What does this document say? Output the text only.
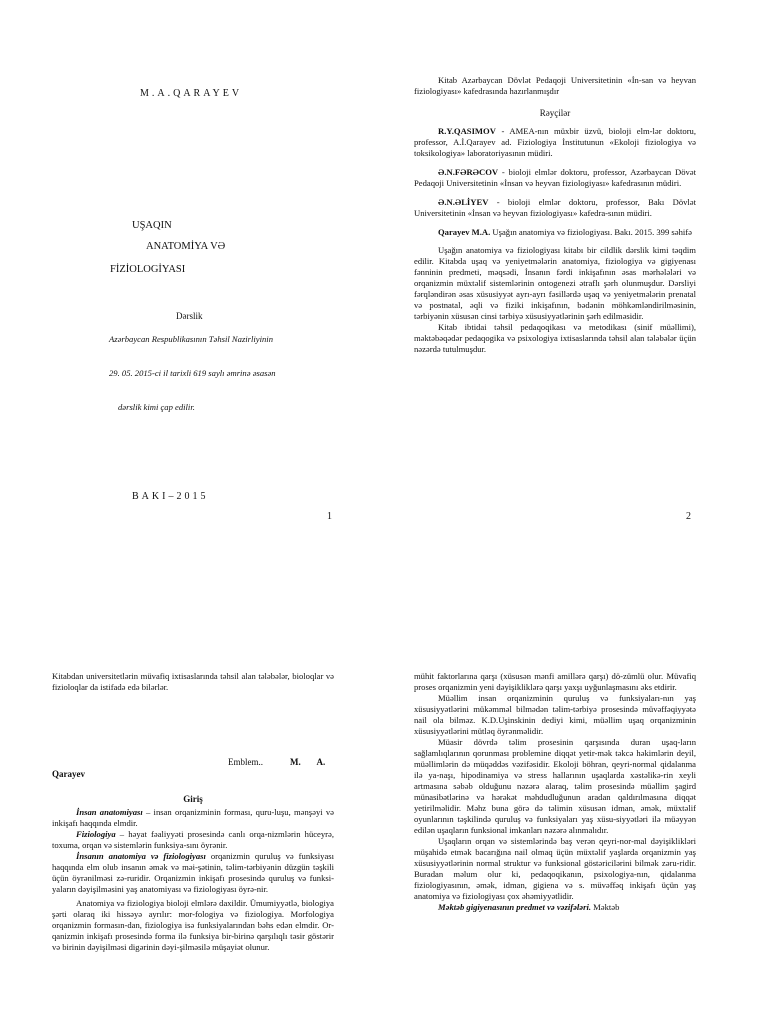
M.A.QARAYEV
UŞAQIN
ANATOMİYA VƏ
FİZİOLOGİYASI
Dərslik
Azərbaycan Respublikasının Təhsil Nazirliyinin
29. 05. 2015-ci il tarixli 619 saylı əmrinə əsasən
dərslik kimi çap edilir.
BAKI–2015
1

Kitab Azərbaycan Dövlət Pedaqoji Universitetinin «İn-san və heyvan fiziologiyası» kafedrasında hazırlanmışdır

Rəyçilər

R.Y.QASIMOV - AMEA-nın müxbir üzvü, bioloji elm-lər doktoru, professor, A.İ.Qarayev ad. Fiziologiya İnstitutunun «Ekoloji fiziologiya və toksikologiya» laboratoriyasının müdiri.

Ə.N.FƏRƏCOV - bioloji elmlər doktoru, professor, Azərbaycan Dövət Pedaqoji Universitetinin «İnsan və heyvan fiziologiyası» kafedrasının müdiri.

Ə.N.ƏLİYEV - bioloji elmlər doktoru, professor, Bakı Dövlət Universitetinin «İnsan və heyvan fiziologiyası» kafedra-sının müdiri.

Qarayev M.A. Uşağın anatomiya və fiziologiyası. Bakı. 2015. 399 səhifə

Uşağın anatomiya və fiziologiyası kitabı bir cildlik dərslik kimi təqdim edilir. Kitabda uşaq və yeniyetmələrin anatomiya, fiziologiya və gigiyenası fənninin predmeti, məqsədi, İnsanın fərdi inkişafının əsas mərhələləri və orqanizmin müxtəlif sistemlərinin ontogenezi ətraflı şərh olunmuşdur. Dərsliyi fərqləndirən əsas xüsusiyyət ayrı-ayrı fəsillərdə uşaq və yeniyetmələrin prenatal və postnatal, əqli və fiziki inkişafının, bədənin möhkəmləndirilməsinin, tərbiyənin xüsusən cinsi tərbiyə xüsusiyyətlərinin şərh edilməsidir.

Kitab ibtidai təhsil pedaqoqikası və metodikası (sinif müəllimi), məktəbəqədər pedaqogika və psixologiya ixtisaslarında təhsil alan tələbələr üçün nəzərdə tutulmuşdur.

2
Kitabdan universitetlərin müvafiq ixtisaslarında təhsil alan tələbələr, bioloqlar və fizioloqlar da istifadə edə bilərlər.
Emblem..	M. A.
Qarayev

Giriş

İnsan anatomiyası – insan orqanizminin forması, quru-luşu, mənşəyi və inkişafı haqqında elmdir.

Fiziologiya – həyat fəaliyyəti prosesində canlı orqa-nizmlərin hüceyrə, toxuma, orqan və sistemlərin funksiya-sını öyrənir.

İnsanın anatomiya və fiziologiyası orqanizmin quruluş və funksiyası haqqında elm olub insanın əmək və məi-şətinin, təlim-tərbiyənin düzgün təşkili üçün öyrənilməsi zə-ruridir. Orqanizmin inkişafı prosesində quruluş və funksi-yaların dəyişilməsini yaş anatomiyası və fiziologiyası öyrə-nir.

Anatomiya və fiziologiya bioloji elmlərə daxildir. Ümumiyyətlə, biologiya şərti olaraq iki hissəyə ayrılır: mor-fologiya və fiziologiya. Morfologiya orqanizmin formasın-dan, fiziologiya isə funksiyalarından bəhs edən elmdir. Or-qanizmin inkişafı prosesində forma ilə funksiya bir-birinə qarşılıqlı təsir göstərir və birinin dəyişilməsi digərinin dəyi-şilməsilə müşayiət olunur.

mühit faktorlarına qarşı (xüsusən mənfi amillərə qarşı) dö-zümlü olur. Müvafiq proses orqanizmin yeni dəyişikliklərə qarşı yaxşı uyğunlaşmasını əks etdirir.

Müəllim insan orqanizminin quruluş və funksiyaları-nın yaş xüsusiyyətlərini mükəmməl bilmədən təlim-tərbiyə prosesində müvəffəqiyyətə nail ola bilməz. K.D.Uşinskinin dediyi kimi, müəllim uşaq orqanizminin xüsusiyyətlərini mütləq öyrənməlidir.

Müasir dövrdə təlim prosesinin qarşısında duran uşaq-ların sağlamlıqlarının qorunması problemine diqqət yetir-mək təkcə həkimlərin deyil, müəllimlərin də müqəddəs vəzifəsidir. Ekoloji böhran, qeyri-normal qidalanma ilə ya-naşı, hipodinamiya və stress hallarının uşaqlarda xəstəlikə-rin xeyli artmasına səbəb olduğunu nəzərə alaraq, təlim prosesində müəllim şagird münasibətlərinə və hərəkət məhdudluğunun aradan qaldırılmasına diqqət yetirilməlidir. Məhz buna görə də təlimin xüsusən idman, əmək, müxtəlif oyunlarının təşkilində quruluş və funksiyaları yaş xüsu-siyyətləri ilə müəyyən edilən uşaqların funksional imkanları nəzərə alınmalıdır.

Uşaqların orqan və sistemlərində baş verən qeyri-nor-mal dəyişiklikləri müşahidə etmək bacarığına nail olmaq üçün müxtəlif yaşlarda orqanizmin yaş xüsusiyyətlərinin normal struktur və funksional göstəricilərini bilmək zəru-ridir. Buradan məlum olur ki, pedaqoqikanın, psixologiya-nın, qidalanma fiziologiyasının, əmək, idman, gigiena və s. müvəffəq inkişafı üçün yaş anatomiya və fiziologiyası çox əhəmiyyətlidir.

Məktəb gigiyenasının predmet və vəzifələri. Məktəb
